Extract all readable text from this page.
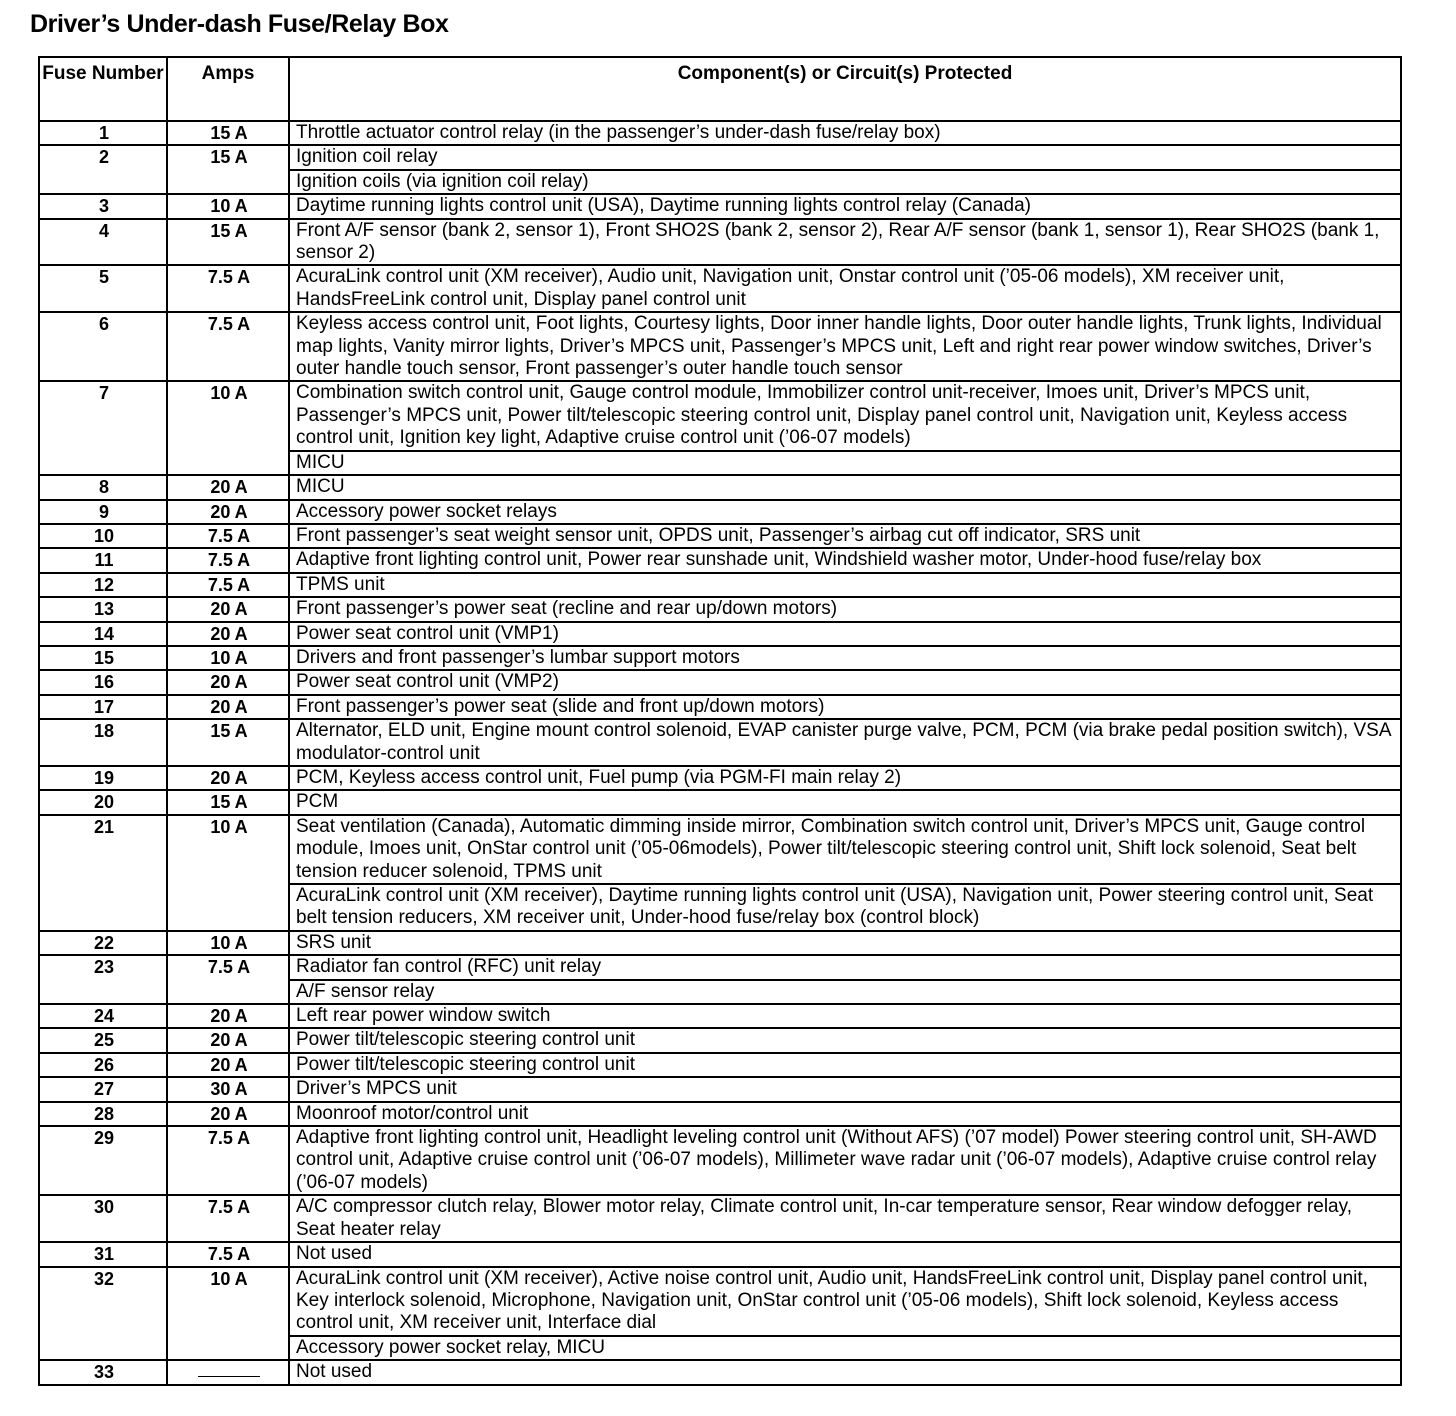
Driver’s Under-dash Fuse/Relay Box
Fuse Number	Amps	Component(s) or Circuit(s) Protected
1	15 A	Throttle actuator control relay (in the passenger’s under-dash fuse/relay box)
2	15 A	Ignition coil relay
		Ignition coils (via ignition coil relay)
3	10 A	Daytime running lights control unit (USA), Daytime running lights control relay (Canada)
4	15 A	Front A/F sensor (bank 2, sensor 1), Front SHO2S (bank 2, sensor 2), Rear A/F sensor (bank 1, sensor 1), Rear SHO2S (bank 1, sensor 2)
5	7.5 A	AcuraLink control unit (XM receiver), Audio unit, Navigation unit, Onstar control unit (’05-06 models), XM receiver unit, HandsFreeLink control unit, Display panel control unit
6	7.5 A	Keyless access control unit, Foot lights, Courtesy lights, Door inner handle lights, Door outer handle lights, Trunk lights, Individual map lights, Vanity mirror lights, Driver’s MPCS unit, Passenger’s MPCS unit, Left and right rear power window switches, Driver’s outer handle touch sensor, Front passenger’s outer handle touch sensor
7	10 A	Combination switch control unit, Gauge control module, Immobilizer control unit-receiver, Imoes unit, Driver’s MPCS unit, Passenger’s MPCS unit, Power tilt/telescopic steering control unit, Display panel control unit, Navigation unit, Keyless access control unit, Ignition key light, Adaptive cruise control unit (’06-07 models)
		MICU
8	20 A	MICU
9	20 A	Accessory power socket relays
10	7.5 A	Front passenger’s seat weight sensor unit, OPDS unit, Passenger’s airbag cut off indicator, SRS unit
11	7.5 A	Adaptive front lighting control unit, Power rear sunshade unit, Windshield washer motor, Under-hood fuse/relay box
12	7.5 A	TPMS unit
13	20 A	Front passenger’s power seat (recline and rear up/down motors)
14	20 A	Power seat control unit (VMP1)
15	10 A	Drivers and front passenger’s lumbar support motors
16	20 A	Power seat control unit (VMP2)
17	20 A	Front passenger’s power seat (slide and front up/down motors)
18	15 A	Alternator, ELD unit, Engine mount control solenoid, EVAP canister purge valve, PCM, PCM (via brake pedal position switch), VSA modulator-control unit
19	20 A	PCM, Keyless access control unit, Fuel pump (via PGM-FI main relay 2)
20	15 A	PCM
21	10 A	Seat ventilation (Canada), Automatic dimming inside mirror, Combination switch control unit, Driver’s MPCS unit, Gauge control module, Imoes unit, OnStar control unit (’05-06models), Power tilt/telescopic steering control unit, Shift lock solenoid, Seat belt tension reducer solenoid, TPMS unit
		AcuraLink control unit (XM receiver), Daytime running lights control unit (USA), Navigation unit, Power steering control unit, Seat belt tension reducers, XM receiver unit, Under-hood fuse/relay box (control block)
22	10 A	SRS unit
23	7.5 A	Radiator fan control (RFC) unit relay
		A/F sensor relay
24	20 A	Left rear power window switch
25	20 A	Power tilt/telescopic steering control unit
26	20 A	Power tilt/telescopic steering control unit
27	30 A	Driver’s MPCS unit
28	20 A	Moonroof motor/control unit
29	7.5 A	Adaptive front lighting control unit, Headlight leveling control unit (Without AFS) (’07 model) Power steering control unit, SH-AWD control unit, Adaptive cruise control unit (’06-07 models), Millimeter wave radar unit (’06-07 models), Adaptive cruise control relay (’06-07 models)
30	7.5 A	A/C compressor clutch relay, Blower motor relay, Climate control unit, In-car temperature sensor, Rear window defogger relay, Seat heater relay
31	7.5 A	Not used
32	10 A	AcuraLink control unit (XM receiver), Active noise control unit, Audio unit, HandsFreeLink control unit, Display panel control unit, Key interlock solenoid, Microphone, Navigation unit, OnStar control unit (’05-06 models), Shift lock solenoid, Keyless access control unit, XM receiver unit, Interface dial
		Accessory power socket relay, MICU
33		Not used
